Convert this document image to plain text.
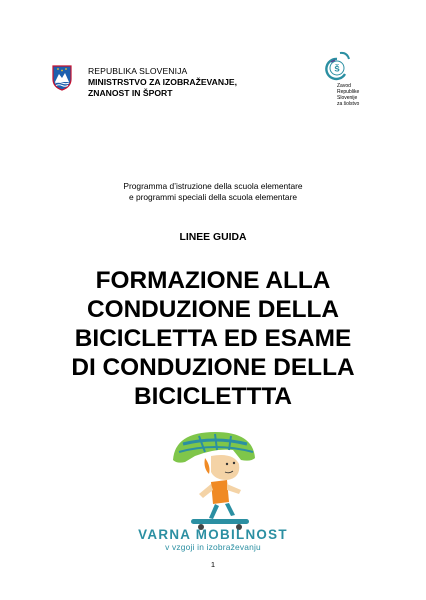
REPUBLIKA SLOVENIJA
MINISTRSTVO ZA IZOBRAŽEVANJE,
ZNANOST IN ŠPORT
š
Zavod
Republike
Slovenije
za šolstvo
Programma d’istruzione della scuola elementare
e programmi speciali della scuola elementare
LINEE GUIDA
FORMAZIONE ALLA
CONDUZIONE DELLA
BICICLETTA ED ESAME
DI CONDUZIONE DELLA
BICICLETTTA
VARNA MOBILNOST
v vzgoji in izobraževanju
1
